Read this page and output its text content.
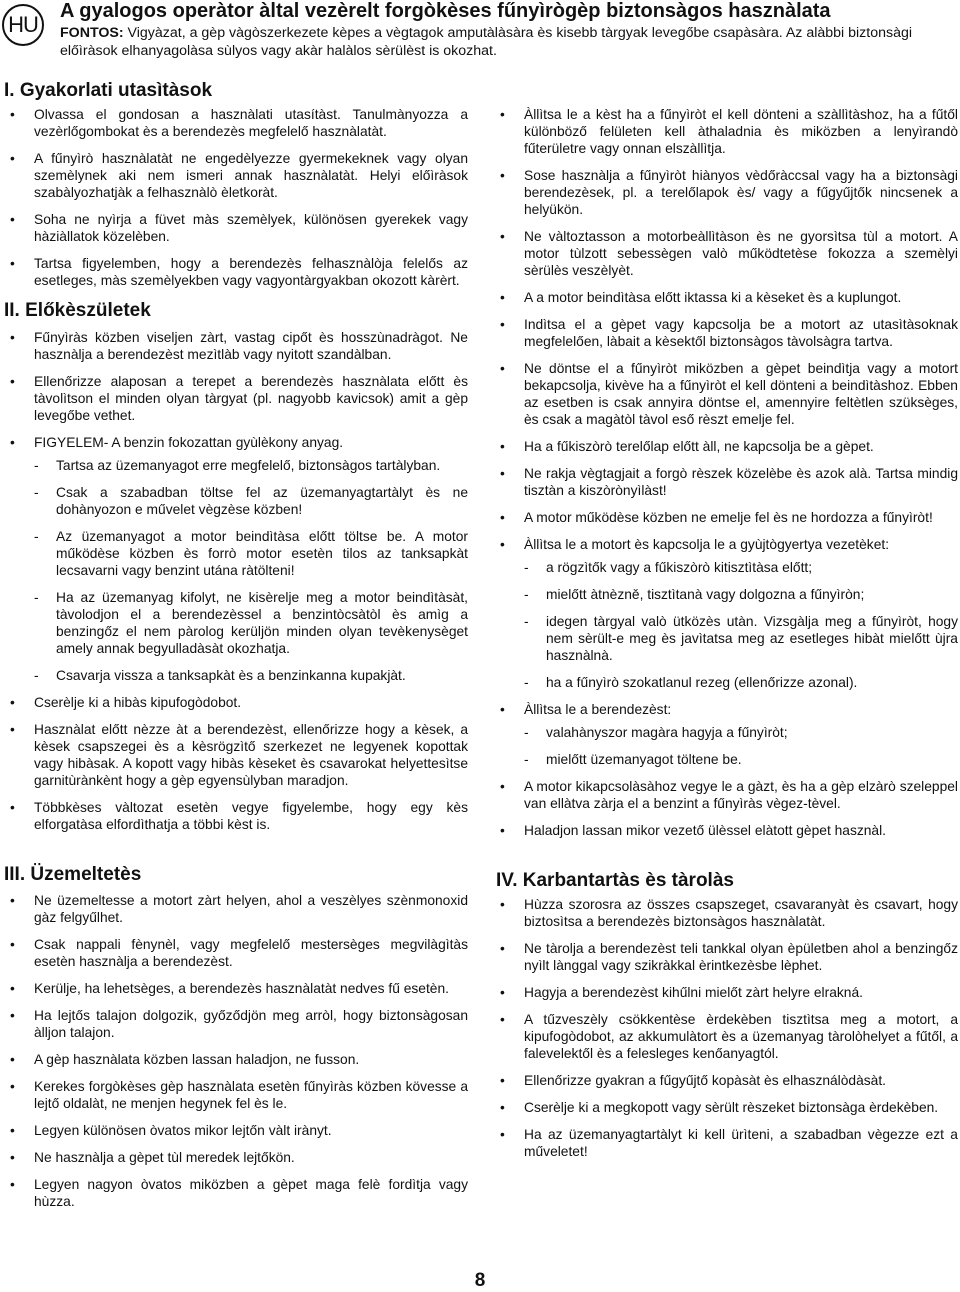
HU
A gyalogos operàtor àltal vezèrelt forgòkèses fűnyìrògèp biztonsàgos hasznàlata
FONTOS: Vigyàzat, a gèp vàgòszerkezete kèpes a vègtagok amputàlàsàra ès kisebb tàrgyak levegőbe csapàsàra. Az alàbbi biztonsàgi előìràsok elhanyagolàsa sùlyos vagy akàr halàlos sèrülèst is okozhat.
I. Gyakorlati utasìtàsok
• Olvassa el gondosan a hasznàlati utasítàst. Tanulmànyozza a vezèrlőgombokat ès a berendezès megfelelő hasznàlatàt.
• A fűnyìrò hasznàlatàt ne engedèlyezze gyermekeknek vagy olyan szemèlynek aki nem ismeri annak hasznàlatàt. Helyi előìràsok szabàlyozhatjàk a felhasznàlò èletkoràt.
• Soha ne nyìrja a füvet màs szemèlyek, különösen gyerekek vagy hàziàllatok közelèben.
• Tartsa figyelemben, hogy a berendezès felhasznàlòja felelős az esetleges, màs szemèlyekben vagy vagyontàrgyakban okozott kàrèrt.
II. Előkèszületek
• Fűnyìràs közben viseljen zàrt, vastag cipőt ès hosszùnadràgot. Ne hasznàlja a berendezèst mezìtlàb vagy nyitott szandàlban.
• Ellenőrizze alaposan a terepet a berendezès hasznàlata előtt ès tàvolìtson el minden olyan tàrgyat (pl. nagyobb kavicsok) amit a gèp levegőbe vethet.
• FIGYELEM- A benzin fokozattan gyùlèkony anyag.
- Tartsa az üzemanyagot erre megfelelő, biztonsàgos tartàlyban.
- Csak a szabadban töltse fel az üzemanyagtartàlyt ès ne dohànyozon e művelet vègzèse közben!
- Az üzemanyagot a motor beindìtàsa előtt töltse be. A motor működèse közben ès forrò motor esetèn tilos az tanksapkàt lecsavarni vagy benzint utána ràtölteni!
- Ha az üzemanyag kifolyt, ne kisèrelje meg a motor beindìtàsàt, tàvolodjon el a berendezèssel a benzintòcsàtòl ès amìg a benzingőz el nem pàrolog kerüljön minden olyan tevèkenysèget amely annak begyulladàsàt okozhatja.
- Csavarja vissza a tanksapkàt ès a benzinkanna kupakjàt.
• Cserèlje ki a hibàs kipufogòdobot.
• Hasznàlat előtt nèzze àt a berendezèst, ellenőrizze hogy a kèsek, a kèsek csapszegei ès a kèsrögzìtő szerkezet ne legyenek kopottak vagy hibàsak. A kopott vagy hibàs kèseket ès csavarokat helyettesìtse garnitùrànkènt hogy a gèp egyensùlyban maradjon.
• Többkèses vàltozat esetèn vegye figyelembe, hogy egy kès elforgatàsa elfordìthatja a többi kèst is.
III. Üzemeltetès
• Ne üzemeltesse a motort zàrt helyen, ahol a veszèlyes szènmonoxid gàz felgyűlhet.
• Csak nappali fènynèl, vagy megfelelő mestersèges megvilàgìtàs esetèn hasznàlja a berendezèst.
• Kerülje, ha lehetsèges, a berendezès hasznàlatàt nedves fű esetèn.
• Ha lejtős talajon dolgozik, győződjön meg arròl, hogy biztonsàgosan àlljon talajon.
• A gèp hasznàlata közben lassan haladjon, ne fusson.
• Kerekes forgòkèses gèp hasznàlata esetèn fűnyìràs közben kövesse a lejtő oldalàt, ne menjen hegynek fel ès le.
• Legyen különösen òvatos mikor lejtőn vàlt irànyt.
• Ne hasznàlja a gèpet tùl meredek lejtőkön.
• Legyen nagyon òvatos miközben a gèpet maga felè fordìtja vagy hùzza.
• Àllìtsa le a kèst ha a fűnyìròt el kell dönteni a szàllìtàshoz, ha a fűtől különböző felületen kell àthaladnia ès miközben a lenyìrandò fűterületre vagy onnan elszàllìtja.
• Sose hasznàlja a fűnyìròt hiànyos vèdőràccsal vagy ha a biztonsàgi berendezèsek, pl. a terelőlapok ès/ vagy a fűgyűjtők nincsenek a helyükön.
• Ne vàltoztasson a motorbeàllìtàson ès ne gyorsìtsa tùl a motort. A motor tùlzott sebessègen valò működtetèse fokozza a szemèlyi sèrülès veszèlyèt.
• A a motor beindìtàsa előtt iktassa ki a kèseket ès a kuplungot.
• Indìtsa el a gèpet vagy kapcsolja be a motort az utasìtàsoknak megfelelően, làbait a kèsektől biztonsàgos tàvolsàgra tartva.
• Ne döntse el a fűnyìròt miközben a gèpet beindìtja vagy a motort bekapcsolja, kivève ha a fűnyìròt el kell dönteni a beindìtàshoz. Ebben az esetben is csak annyira döntse el, amennyire feltètlen szüksèges, ès csak a magàtòl tàvol eső rèszt emelje fel.
• Ha a fűkiszòrò terelőlap előtt àll, ne kapcsolja be a gèpet.
• Ne rakja vègtagjait a forgò rèszek közelèbe ès azok alà. Tartsa mindig tisztàn a kiszòrònyìlàst!
• A motor működèse közben ne emelje fel ès ne hordozza a fűnyìròt!
• Àllìtsa le a motort ès kapcsolja le a gyùjtògyertya vezetèket:
- a rögzìtők vagy a fűkiszòrò kitisztìtàsa előtt;
- mielőtt àtnèzně, tisztìtanà vagy dolgozna a fűnyìròn;
- idegen tàrgyal valò ütközès utàn. Vizsgàlja meg a fűnyìròt, hogy nem sèrült-e meg ès javìtatsa meg az esetleges hibàt mielőtt ùjra hasznàlnà.
- ha a fűnyìrò szokatlanul rezeg (ellenőrizze azonal).
• Àllìtsa le a berendezèst:
- valahànyszor magàra hagyja a fűnyìròt;
- mielőtt üzemanyagot töltene be.
• A motor kikapcsolàsàhoz vegye le a gàzt, ès ha a gèp elzàrò szeleppel van ellàtva zàrja el a benzint a fűnyìràs vègez-tèvel.
• Haladjon lassan mikor vezető ülèssel elàtott gèpet hasznàl.
IV. Karbantartàs ès tàrolàs
• Hùzza szorosra az összes csapszeget, csavaranyàt ès csavart, hogy biztosìtsa a berendezès biztonsàgos hasznàlatàt.
• Ne tàrolja a berendezèst teli tankkal olyan èpületben ahol a benzingőz nyìlt lànggal vagy szikràkkal èrintkezèsbe lèphet.
• Hagyja a berendezèst kihűlni mielőt zàrt helyre elrakná.
• A tűzveszèly csökkentèse èrdekèben tisztìtsa meg a motort, a kipufogòdobot, az akkumulàtort ès a üzemanyag tàrolòhelyet a fűtől, a falevelektől ès a felesleges kenőanyagtól.
• Ellenőrizze gyakran a fűgyűjtő kopàsàt ès elhasználòdàsàt.
• Cserèlje ki a megkopott vagy sèrült rèszeket biztonsàga èrdekèben.
• Ha az üzemanyagtartàlyt ki kell ürìteni, a szabadban vègezze ezt a műveletet!
8
